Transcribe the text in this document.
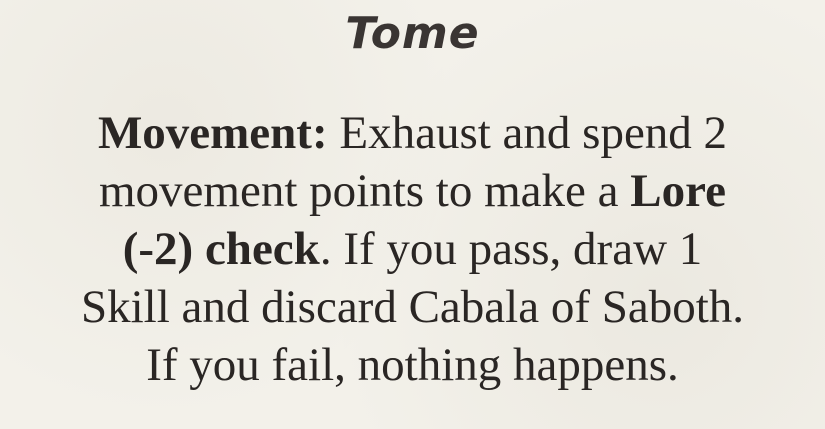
Tome
Movement: Exhaust and spend 2
movement points to make a Lore
(-2) check. If you pass, draw 1
Skill and discard Cabala of Saboth.
If you fail, nothing happens.
